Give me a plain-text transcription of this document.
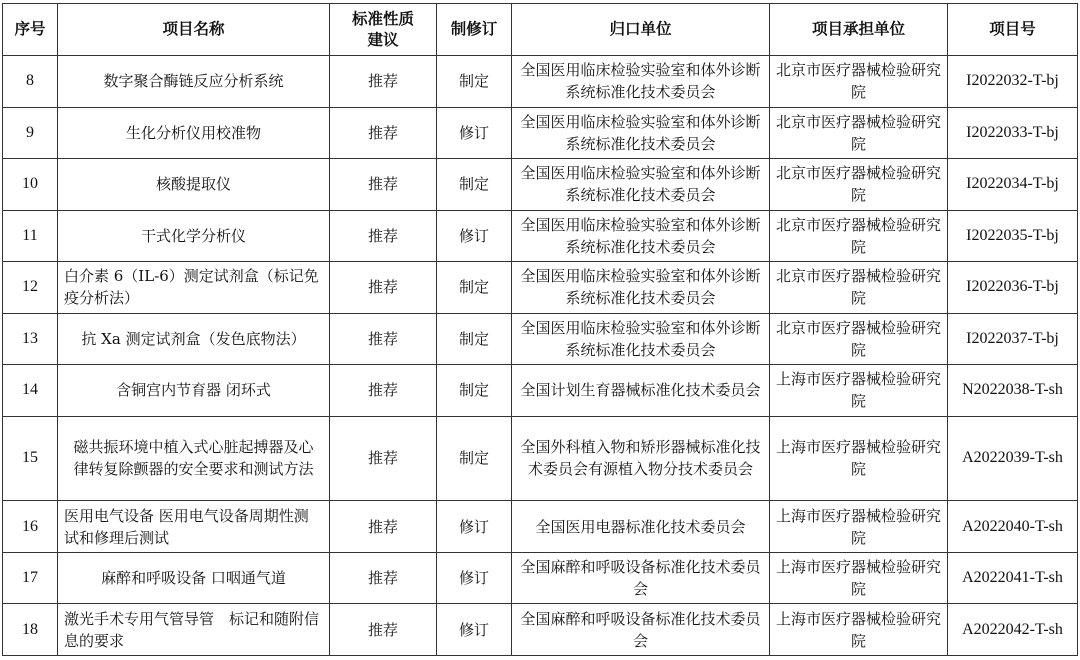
序号	项目名称	标准性质建议	制修订	归口单位	项目承担单位	项目号
8	数字聚合酶链反应分析系统	推荐	制定	全国医用临床检验实验室和体外诊断系统标准化技术委员会	北京市医疗器械检验研究院	I2022032-T-bj
9	生化分析仪用校准物	推荐	修订	全国医用临床检验实验室和体外诊断系统标准化技术委员会	北京市医疗器械检验研究院	I2022033-T-bj
10	核酸提取仪	推荐	制定	全国医用临床检验实验室和体外诊断系统标准化技术委员会	北京市医疗器械检验研究院	I2022034-T-bj
11	干式化学分析仪	推荐	修订	全国医用临床检验实验室和体外诊断系统标准化技术委员会	北京市医疗器械检验研究院	I2022035-T-bj
12	白介素 6（IL-6）测定试剂盒（标记免疫分析法）	推荐	制定	全国医用临床检验实验室和体外诊断系统标准化技术委员会	北京市医疗器械检验研究院	I2022036-T-bj
13	抗 Xa 测定试剂盒（发色底物法）	推荐	制定	全国医用临床检验实验室和体外诊断系统标准化技术委员会	北京市医疗器械检验研究院	I2022037-T-bj
14	含铜宫内节育器 闭环式	推荐	制定	全国计划生育器械标准化技术委员会	上海市医疗器械检验研究院	N2022038-T-sh
15	磁共振环境中植入式心脏起搏器及心律转复除颤器的安全要求和测试方法	推荐	制定	全国外科植入物和矫形器械标准化技术委员会有源植入物分技术委员会	上海市医疗器械检验研究院	A2022039-T-sh
16	医用电气设备 医用电气设备周期性测试和修理后测试	推荐	修订	全国医用电器标准化技术委员会	上海市医疗器械检验研究院	A2022040-T-sh
17	麻醉和呼吸设备 口咽通气道	推荐	修订	全国麻醉和呼吸设备标准化技术委员会	上海市医疗器械检验研究院	A2022041-T-sh
18	激光手术专用气管导管　标记和随附信息的要求	推荐	修订	全国麻醉和呼吸设备标准化技术委员会	上海市医疗器械检验研究院	A2022042-T-sh
